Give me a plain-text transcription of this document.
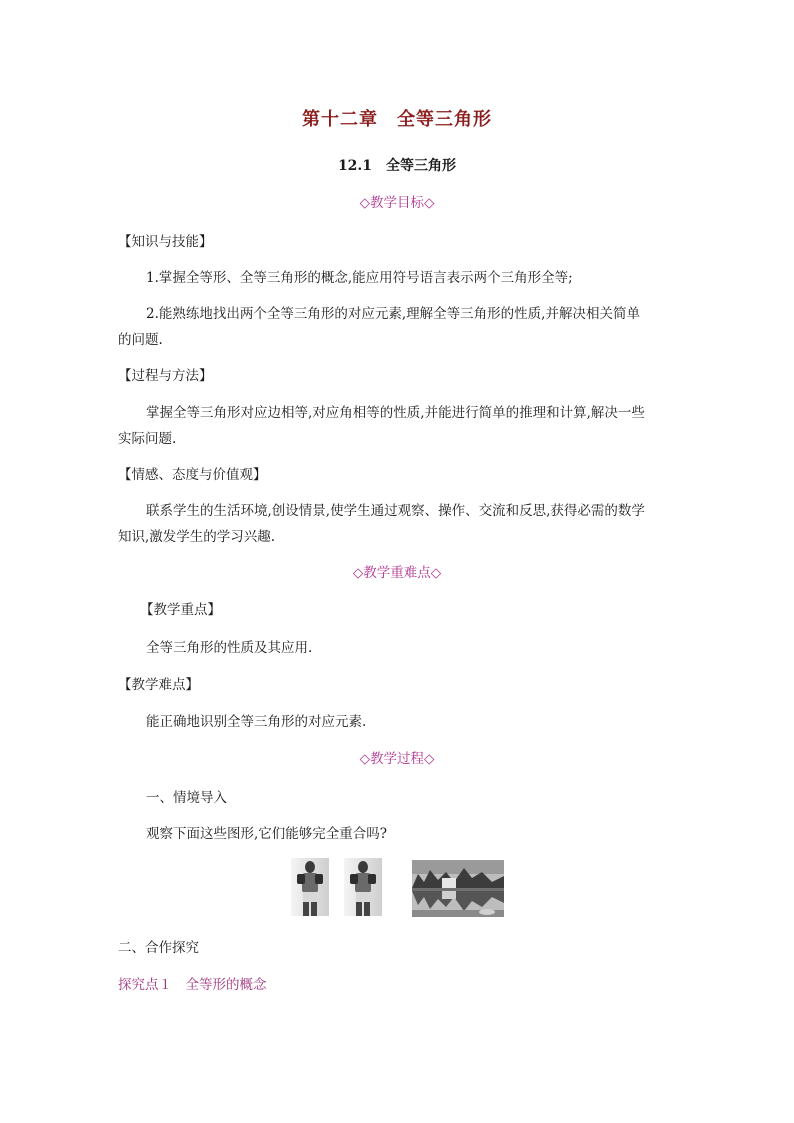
第十二章　全等三角形
12.1　全等三角形
◇教学目标◇
【知识与技能】
1.掌握全等形、全等三角形的概念,能应用符号语言表示两个三角形全等;
2.能熟练地找出两个全等三角形的对应元素,理解全等三角形的性质,并解决相关简单
的问题.
【过程与方法】
掌握全等三角形对应边相等,对应角相等的性质,并能进行简单的推理和计算,解决一些
实际问题.
【情感、态度与价值观】
联系学生的生活环境,创设情景,使学生通过观察、操作、交流和反思,获得必需的数学
知识,激发学生的学习兴趣.
◇教学重难点◇
【教学重点】
全等三角形的性质及其应用.
【教学难点】
能正确地识别全等三角形的对应元素.
◇教学过程◇
一、情境导入
观察下面这些图形,它们能够完全重合吗?
二、合作探究
探究点１　全等形的概念
